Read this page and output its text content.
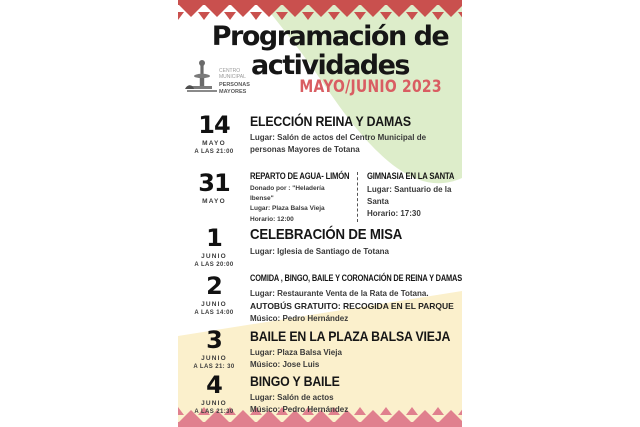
Programación de
actividades
MAYO/JUNIO 2023
CENTRO
MUNICIPAL
PERSONAS
MAYORES
14
MAYO
A LAS 21:00
ELECCIÓN REINA Y DAMAS
Lugar: Salón de actos del Centro Municipal de personas Mayores de Totana
31
MAYO
REPARTO DE AGUA- LIMÓN
Donado por : "Heladería Ibense"
Lugar: Plaza Balsa Vieja
Horario: 12:00
GIMNASIA EN LA SANTA
Lugar: Santuario de la Santa
Horario: 17:30
1
JUNIO
A LAS 20:00
CELEBRACIÓN DE MISA
Lugar: Iglesia de Santiago de Totana
2
JUNIO
A LAS 14:00
COMIDA , BINGO, BAILE Y CORONACIÓN DE REINA Y DAMAS
Lugar: Restaurante Venta de la Rata de Totana.
AUTOBÚS GRATUITO: RECOGIDA EN EL PARQUE
Músico: Pedro Hernández
3
JUNIO
A LAS 21: 30
BAILE EN LA PLAZA BALSA VIEJA
Lugar: Plaza Balsa Vieja
Músico: Jose Luis
4
JUNIO
A LAS 21:30
BINGO Y BAILE
Lugar: Salón de actos
Músico: Pedro Hernández
